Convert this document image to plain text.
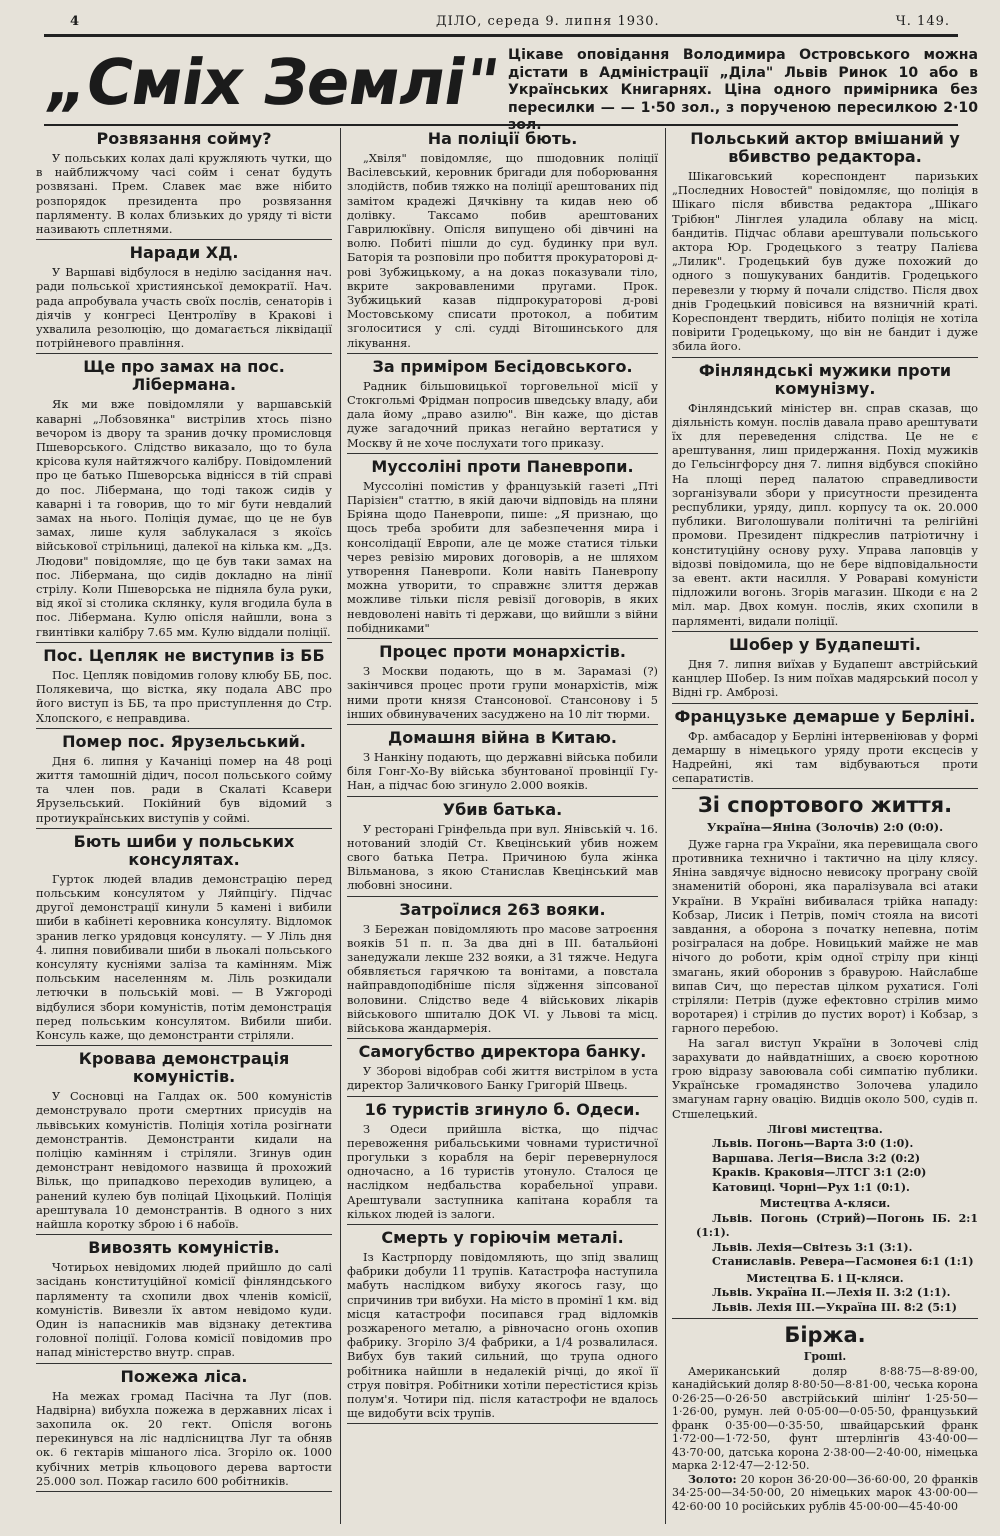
4	ДІЛО, середа 9. липня 1930.	Ч. 149.
„Сміх Землі" Цікаве оповідання Володимира Островського можна дістати в Адміністрації „Діла" Львів Ринок 10 або в Українських Книгарнях. Ціна одного примірника без пересилки — — 1·50 зол., з порученою пересилкою 2·10 зол. — —
Розвязання сойму?

У польських колах далі кружляють чутки, що в найближчому часі сойм і сенат будуть розвязані. Прем. Славек має вже нібито розпорядок президента про розвязання парляменту. В колах близьких до уряду ті вісти називають сплетнями.

Наради ХД.

У Варшаві відбулося в неділю засідання нач. ради польської християнської демократії. Нач. рада апробувала участь своїх послів, сенаторів і діячів у конгресі Центролїву в Кракові і ухвалила резолюцію, що домагається ліквідації потрійневого правління.

Ще про замах на пос. Лібермана.

Як ми вже повідомляли у варшавській каварні „Лобзовянка" вистрілив хтось пізно вечором із двору та зранив дочку промисловця Пшеворського. Слідство виказало, що то була крісова куля найтяжчого калібру. Повідомлений про це батько Пшеворська віднісся в тій справі до пос. Лібермана, що тоді також сидів у каварні і та говорив, що то міг бути невдалий замах на нього. Поліція думає, що це не був замах, лише куля заблукалася з якоїсь військової стрільниці, далекої на кілька км. „Дз. Людови" повідомляє, що це був таки замах на пос. Лібермана, що сидів докладно на лінії стрілу. Коли Пшеворська не підняла була руки, від якої зі столика склянку, куля вгодила була в пос. Лібермана. Кулю опісля найшли, вона з гвинтівки калібру 7.65 мм. Кулю віддали поліції.

Пос. Цепляк не виступив із ББ

Пос. Цепляк повідомив голову клюбу ББ, пос. Полякевича, що вістка, яку подала АВС про його виступ із ББ, та про приступлення до Стр. Хлопского, є неправдива.

Помер пос. Ярузельський.

Дня 6. липня у Качаніці помер на 48 році життя тамошній дідич, посол польського сойму та член пов. ради в Скалаті Ксавери Ярузельський. Покійний був відомий з протиукраїнських виступів у соймі.

Бють шиби у польських консулятах.

Гурток людей владив демонстрацію перед польським консулятом у Ляйпціґу. Підчас другої демонстрації кинули 5 камені і вибили шиби в кабінеті керовника консуляту. Відломок зранив легко урядовця консуляту. — У Ліль дня 4. липня повибивали шиби в льокалі польського консуляту кусніями заліза та камінням. Між польським населенням м. Ліль розкидали летючки в польській мові. — В Ужгороді відбулися збори комуністів, потім демонстрація перед польським консулятом. Вибили шиби. Консуль каже, що демонстранти стріляли.

Кровава демонстрація комуністів.

У Сосновці на Галдах ок. 500 комуністів демонструвало проти смертних присудів на львівських комуністів. Поліція хотіла розігнати демонстрантів. Демонстранти кидали на поліцію камінням і стріляли. Згинув один демонстрант невідомого назвища й прохожий Вільк, що припадково переходив вулицею, а ранений кулею був поліцай Ціхоцький. Поліція арештувала 10 демонстрантів. В одного з них найшла коротку зброю і 6 набоїв.

Вивозять комуністів.

Чотирьох невідомих людей прийшло до салі засідань конституційної комісії фінляндського парляменту та схопили двох членів комісії, комуністів. Вивезли їх автом невідомо куди. Один із напасників мав відзнаку детектива головної поліції. Голова комісії повідомив про напад міністерство внутр. справ.

Пожежа ліса.

На межах громад Пасічна та Луг (пов. Надвірна) вибухла пожежа в державних лісах і захопила ок. 20 гект. Опісля вогонь перекинувся на ліс надлісництва Луг та обняв ок. 6 гектарів мішаного ліса. Згоріло ок. 1000 кубічних метрів кльоцового дерева вартости 25.000 зол. Пожар гасило 600 робітників.

На поліції бють.

„Хвіля" повідомляє, що пшодовник поліції Васілевський, керовник бригади для поборювання злодійств, побив тяжко на поліції арештованих під замітом крадежі Дячківну та кидав нею об долівку. Таксамо побив арештованих Гаврилюкївну. Опісля випущено обі дівчині на волю. Побиті пішли до суд. будинку при вул. Баторія та розповіли про побиття прокураторові д-рові Зубжицькому, а на доказ показували тіло, вкрите закровавленими пругами. Прок. Зубжицький казав підпрокураторові д-рові Мостовському списати протокол, а побитим зголоситися у слі. судді Вітошинського для лікування.

За приміром Бесідовського.

Радник більшовицької торговельної місії у Стокгольмі Фрідман попросив шведську владу, аби дала йому „право азилю". Він каже, що дістав дуже загадочний приказ негайно вертатися у Москву й не хоче послухати того приказу.

Муссоліні проти Паневропи.

Муссоліні помістив у французькій газеті „Пті Парізієн" статтю, в якій даючи відповідь на пляни Бріяна щодо Паневропи, пише: „Я признаю, що щось треба зробити для забезпечення мира і консолідації Европи, але це може статися тільки через ревізію мирових договорів, а не шляхом утворення Паневропи. Коли навіть Паневропу можна утворити, то справжнє злиття держав можливе тільки після ревізії договорів, в яких невдоволені навіть ті держави, що вийшли з війни побідниками"

Процес проти монархістів.

З Москви подають, що в м. Зарамазі (?) закінчився процес проти групи монархістів, між ними проти князя Стансонової. Стансонову і 5 інших обвинувачених засуджено на 10 літ тюрми.

Домашня війна в Китаю.

З Нанкіну подають, що державні війська побили біля Гонг-Хо-Ву війська збунтованої провінції Гу-Нан, а підчас бою згинуло 2.000 вояків.

Убив батька.

У ресторані Грінфельда при вул. Янівській ч. 16. нотований злодій Ст. Квецінський убив ножем свого батька Петра. Причиною була жінка Вільманова, з якою Станислав Квецінський мав любовні зносини.

Затроїлися 263 вояки.

З Бережан повідомляють про масове затроєння вояків 51 п. п. За два дні в ІІІ. батальйоні занедужали лекше 232 вояки, а 31 тяжче. Недуга обявляється гарячкою та вонітами, а повстала найправдоподібніше після зїдження зіпсованої воловини. Слідство веде 4 військових лікарів військового шпиталю ДОК VI. у Львові та місц. військова жандармерія.

Самогубство директора банку.

У Зборові відобрав собі життя вистрілом в уста директор Заличкового Банку Григорій Швець.

16 туристів згинуло б. Одеси.

З Одеси прийшла вістка, що підчас перевоження рибальськими човнами туристичної прогульки з корабля на беріг перевернулося одночасно, а 16 туристів утонуло. Сталося це наслідком недбальства корабельної управи. Арештували заступника капітана корабля та кількох людей із залоги.

Смерть у горіючім металі.

Із Кастрпорду повідомляють, що зпід звалищ фабрики добули 11 трупів. Катастрофа наступила мабуть наслідком вибуху якогось газу, що спричинив три вибухи. На місто в промінї 1 км. від місця катастрофи посипався град відломків розжареного металю, а рівночасно огонь охопив фабрику. Згоріло 3/4 фабрики, а 1/4 розвалилася. Вибух був такий сильний, що трупа одного робітника найшли в недалекій річці, до якої її струя повітря. Робітники хотіли перестістися крізь полум'я. Чотири під. після катастрофи не вдалось ще видобути всіх трупів.

Польський актор вмішаний у вбивство редактора.

Шікаговський кореспондент паризьких „Последних Новостей" повідомляє, що поліція в Шікаго після вбивства редактора „Шікаго Трібюн" Лінглея уладила облаву на місц. бандитів. Підчас облави арештували польського актора Юр. Гродецького з театру Палієва „Лилик". Гродецький був дуже похожий до одного з пошукуваних бандитів. Гродецького перевезли у тюрму й почали слідство. Після двох днів Гродецький повісився на вязничній краті. Кореспондент твердить, нібито поліція не хотіла повірити Гродецькому, що він не бандит і дуже збила його.

Фінляндські мужики проти комунізму.

Фінляндський міністер вн. справ сказав, що діяльність комун. послів давала право арештувати їх для переведення слідства. Це не є арештування, лиш придержання. Похід мужиків до Гельсінгфорсу дня 7. липня відбувся спокійно На площі перед палатою справедливости зорганізували збори у присутности президента республики, уряду, дипл. корпусу та ок. 20.000 публики. Виголошували політичні та релігійні промови. Президент підкреслив патріотичну і конституційну основу руху. Управа лаповців у відозві повідомила, що не бере відповідальности за евент. акти насилля. У Ровараві комуністи підложили вогонь. Згорів магазин. Шкоди є на 2 міл. мар. Двох комун. послів, яких схопили в парляменті, видали поліції.

Шобер у Будапешті.

Дня 7. липня виїхав у Будапешт австрійський канцлер Шобер. Із ним поїхав мадярський посол у Відні гр. Амброзі.

Французьке демарше у Берліні.

Фр. амбасадор у Берліні інтервеніював у формі демаршу в німецького уряду проти ексцесів у Надрейні, які там відбуваються проти сепаратистів.

Зі спортового життя.

Україна—Яніна (Золочів) 2:0 (0:0).

Дуже гарна гра України, яка перевищала свого противника технично і тактично на цілу клясу. Яніна завдячує відносно невисоку програну своїй знаменитій обороні, яка паралізувала всі атаки України. В Україні вибивалася трійка нападу: Кобзар, Лисик і Петрів, поміч стояла на висоті завдання, а оборона з початку непевна, потім розігралася на добре. Новицький майже не мав нічого до роботи, крім одної стрілу при кінці змагань, який оборонив з бравурою. Найслабше випав Сич, що перестав цілком рухатися. Голі стріляли: Петрів (дуже ефектовно стрілив мимо воротарея) і стрілив до пустих ворот) і Кобзар, з гарного перебою.

На загал виступ України в Золочеві слід зарахувати до найвдатніших, а своєю коротною грою відразу завоювала собі симпатію публики. Українське громадянство Золочева уладило змагунам гарну овацію. Видців около 500, судів п. Стшелецький.

Лігові мистецтва.

Львів. Погонь—Варта 3:0 (1:0).

Варшава. Легія—Висла 3:2 (0:2)

Краків. Краковія—ЛТСГ 3:1 (2:0)

Катовиці. Чорні—Рух 1:1 (0:1).

Мистецтва А-кляси.

Львів. Погонь (Стрий)—Погонь ІБ. 2:1 (1:1).

Львів. Лехія—Світезь 3:1 (3:1).

Станиславів. Ревера—Гасмонея 6:1 (1:1)

Мистецтва Б. і Ц-кляси.

Львів. Україна ІІ.—Лехія ІІ. 3:2 (1:1).

Львів. Лехія ІІІ.—Україна ІІІ. 8:2 (5:1)

Біржа.
Гроші.

Американський доляр 8·88·75—8·89·00, канадійський доляр 8·80·50—8·81·00, чеська корона 0·26·25—0·26·50 австрійський шілінґ 1·25·50—1·26·00, румун. лей 0·05·00—0·05·50, французький франк 0·35·00—0·35·50, швайцарський франк 1·72·00—1·72·50, фунт штерлінґів 43·40·00—43·70·00, датська корона 2·38·00—2·40·00, німецька марка 2·12·47—2·12·50.

Золото: 20 корон 36·20·00—36·60·00, 20 франків 34·25·00—34·50·00, 20 німецьких марок 43·00·00—42·60·00 10 російських рублів 45·00·00—45·40·00
